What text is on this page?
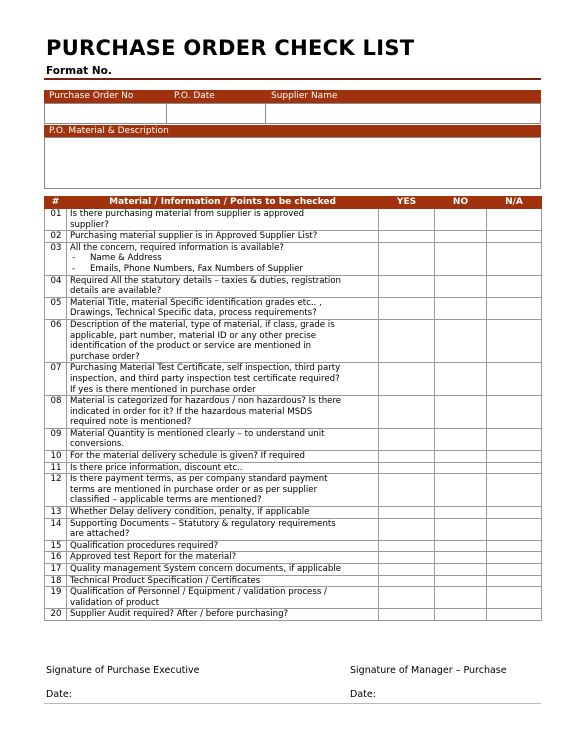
PURCHASE ORDER CHECK LIST
Format No.
Purchase Order No	P.O. Date	Supplier Name
P.O. Material & Description
#	Material / Information / Points to be checked	YES	NO	N/A
01	Is there purchasing material from supplier is approved
supplier?			

02	Purchasing material supplier is in Approved Supplier List?			

03	All the concern, required information is available?
- Name & Address
- Emails, Phone Numbers, Fax Numbers of Supplier

04	Required All the statutory details – taxies & duties, registration
details are available?			

05	Material Title, material Specific identification grades etc.. ,
Drawings, Technical Specific data, process requirements?			

06	Description of the material, type of material, if class, grade is
applicable, part number, material ID or any other precise
identification of the product or service are mentioned in
purchase order?			

07	Purchasing Material Test Certificate, self inspection, third party
inspection, and third party inspection test certificate required?
If yes is there mentioned in purchase order			

08	Material is categorized for hazardous / non hazardous? Is there
indicated in order for it? If the hazardous material MSDS
required note is mentioned?			

09	Material Quantity is mentioned clearly – to understand unit
conversions.			

10	For the material delivery schedule is given? If required			

11	Is there price information, discount etc..			

12	Is there payment terms, as per company standard payment
terms are mentioned in purchase order or as per supplier
classified – applicable terms are mentioned?			

13	Whether Delay delivery condition, penalty, if applicable			

14	Supporting Documents – Statutory & regulatory requirements
are attached?			

15	Qualification procedures required?			

16	Approved test Report for the material?			

17	Quality management System concern documents, if applicable			

18	Technical Product Specification / Certificates			

19	Qualification of Personnel / Equipment / validation process /
validation of product			

20	Supplier Audit required? After / before purchasing?			

Signature of Purchase Executive	Signature of Manager – Purchase
Date:	Date:
